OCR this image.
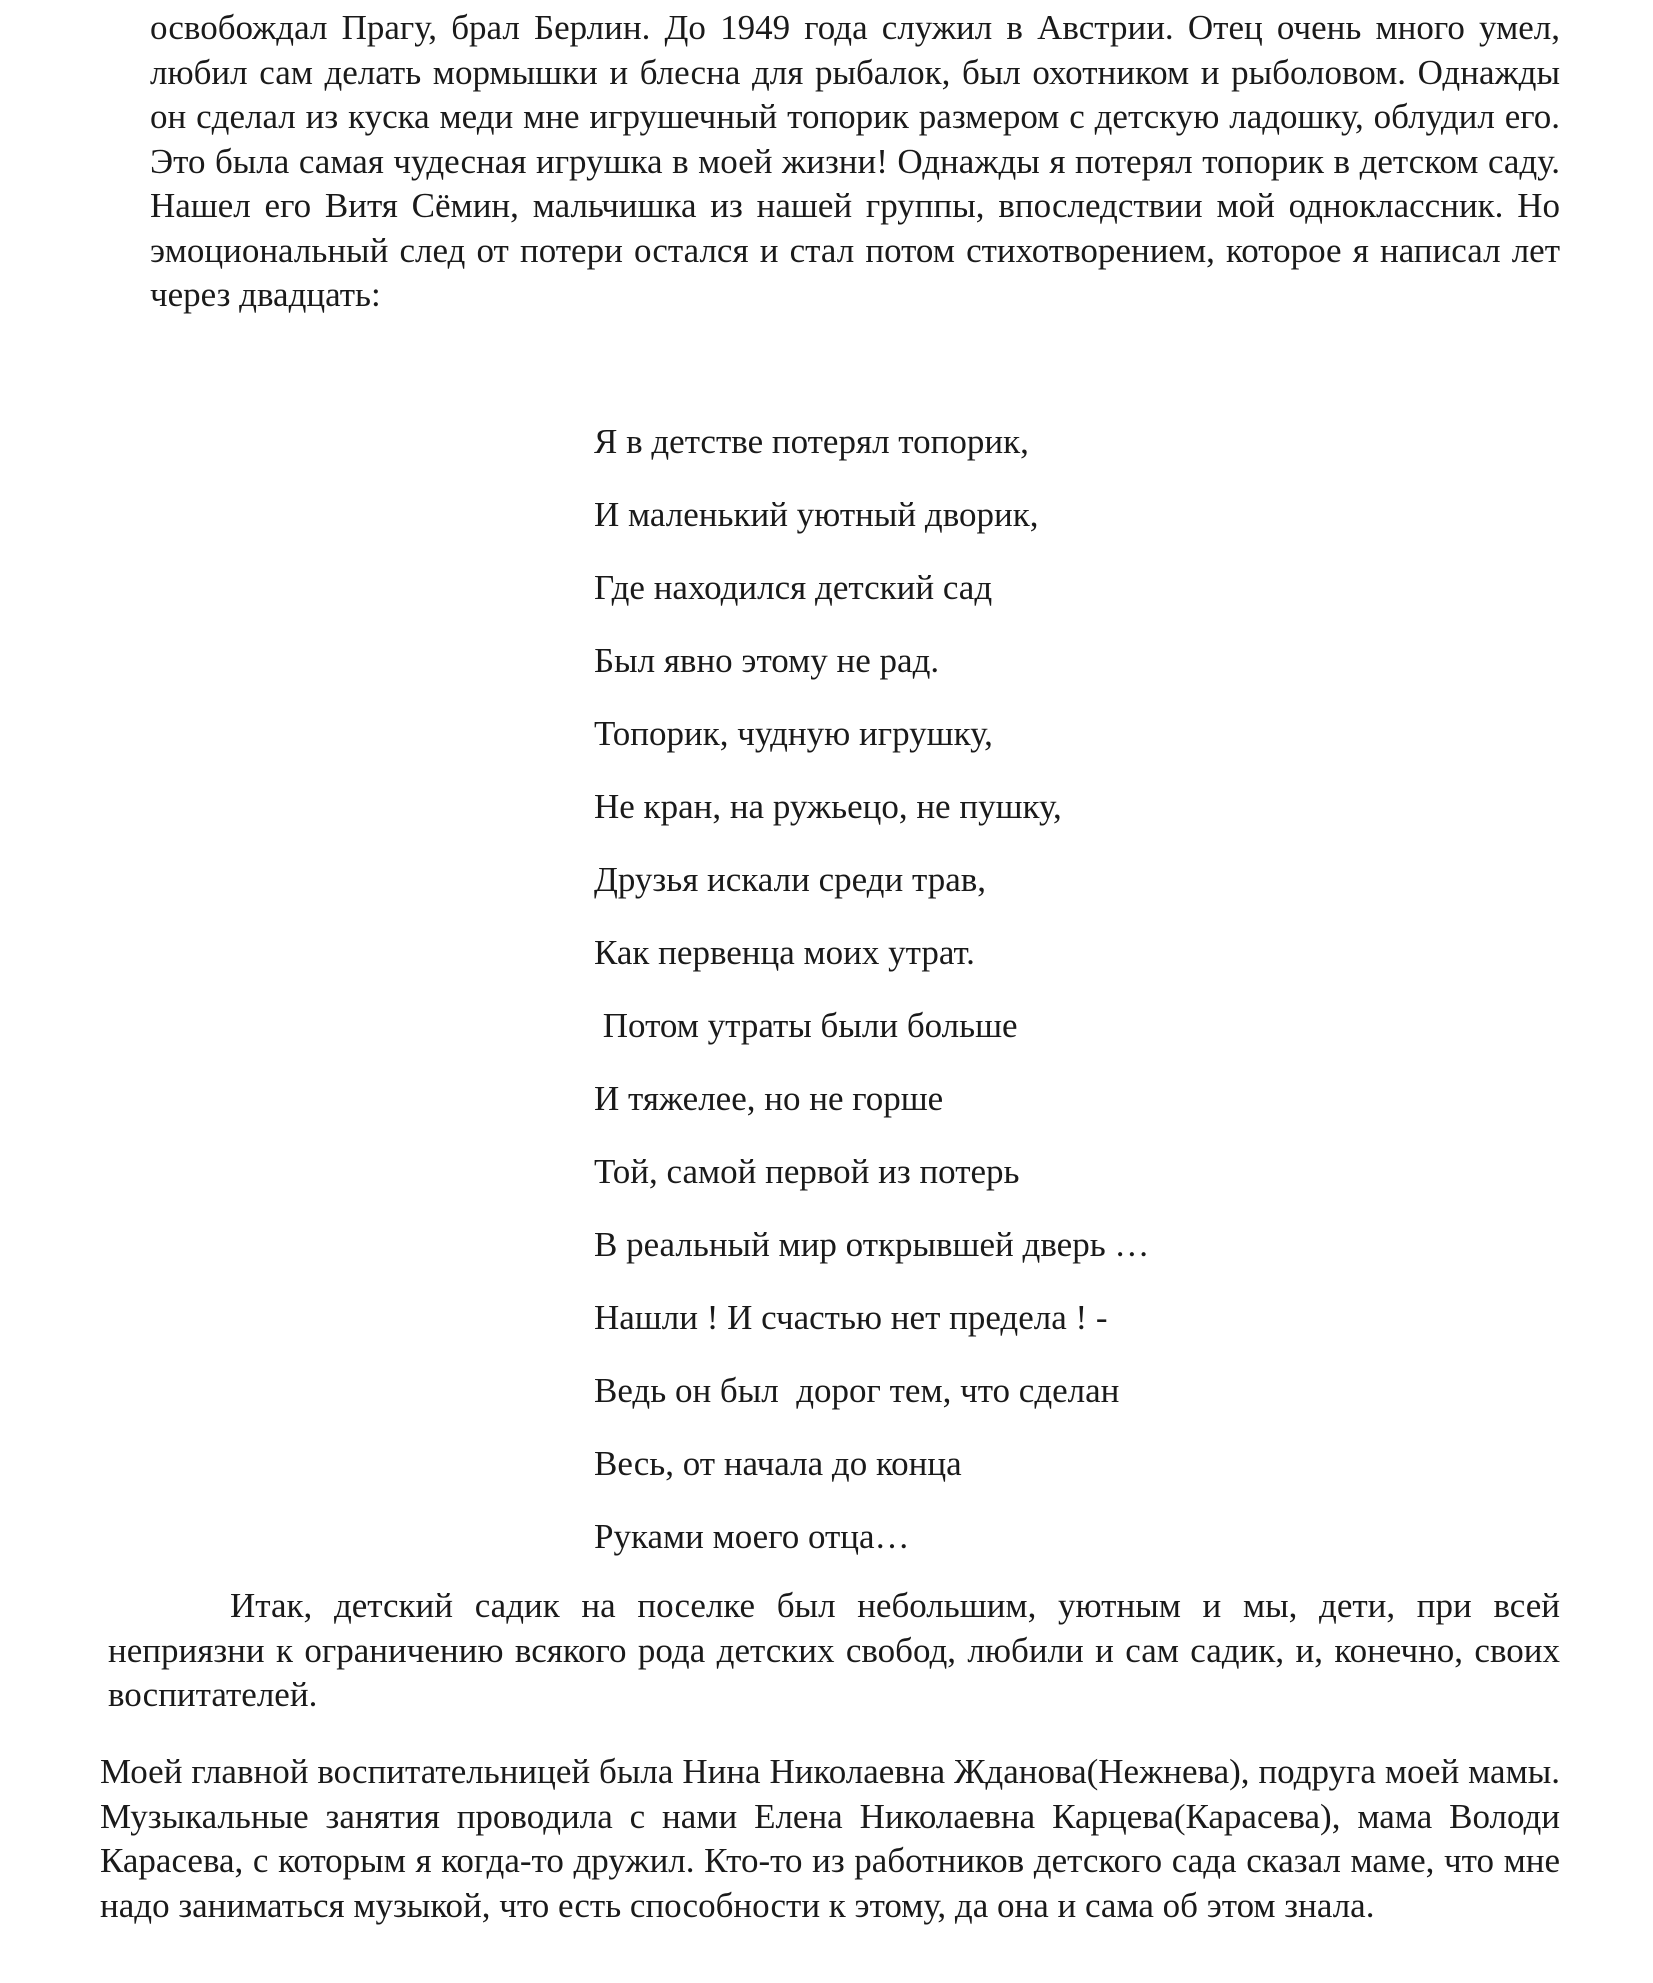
освобождал Прагу, брал Берлин. До 1949 года служил в Австрии. Отец очень много умел, любил сам делать мормышки и блесна для рыбалок, был охотником и рыболовом. Однажды он сделал из куска меди мне игрушечный топорик размером с детскую ладошку, облудил его. Это была самая чудесная игрушка в моей жизни! Однажды я потерял топорик в детском саду. Нашел его Витя Сёмин, мальчишка из нашей группы, впоследствии мой одноклассник. Но эмоциональный след от потери остался и стал потом стихотворением, которое я написал лет через двадцать:

Я в детстве потерял топорик,
И маленький уютный дворик,
Где находился детский сад
Был явно этому не рад.
Топорик, чудную игрушку,
Не кран, на ружьецо, не пушку,
Друзья искали среди трав,
Как первенца моих утрат.
Потом утраты были больше
И тяжелее, но не горше
Той, самой первой из потерь
В реальный мир открывшей дверь …
Нашли ! И счастью нет предела ! -
Ведь он был  дорог тем, что сделан
Весь, от начала до конца
Руками моего отца…

Итак, детский садик на поселке был небольшим, уютным и мы, дети, при всей неприязни к ограничению всякого рода детских свобод, любили и сам садик, и, конечно, своих воспитателей.

Моей главной воспитательницей была Нина Николаевна Жданова(Нежнева), подруга моей мамы. Музыкальные занятия проводила с нами Елена Николаевна Карцева(Карасева), мама Володи Карасева, с которым я когда-то дружил. Кто-то из работников детского сада сказал маме, что мне надо заниматься музыкой, что есть способности к этому, да она и сама об этом знала.
